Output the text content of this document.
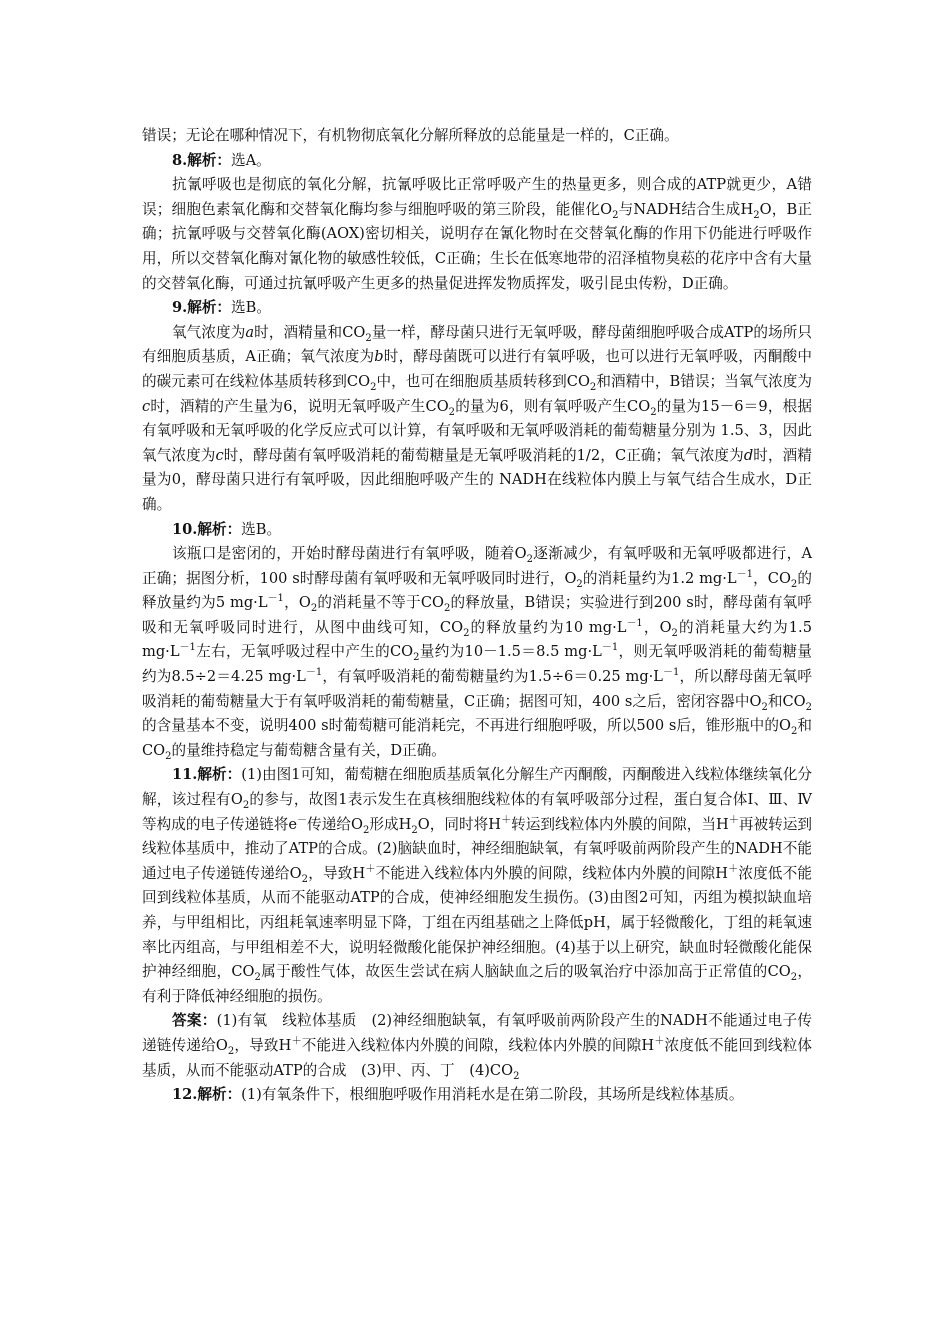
错误；无论在哪种情况下，有机物彻底氧化分解所释放的总能量是一样的，C正确。

8.解析：选A。

抗氰呼吸也是彻底的氧化分解，抗氰呼吸比正常呼吸产生的热量更多，则合成的ATP就更少，A错误；细胞色素氧化酶和交替氧化酶均参与细胞呼吸的第三阶段，能催化$O_2$与NADH结合生成$H_2O$，B正确；抗氰呼吸与交替氧化酶(AOX)密切相关，说明存在氰化物时在交替氧化酶的作用下仍能进行呼吸作用，所以交替氧化酶对氰化物的敏感性较低，C正确；生长在低寒地带的沼泽植物臭菘的花序中含有大量的交替氧化酶，可通过抗氰呼吸产生更多的热量促进挥发物质挥发，吸引昆虫传粉，D正确。

9.解析：选B。

氧气浓度为a时，酒精量和$CO_2$量一样，酵母菌只进行无氧呼吸，酵母菌细胞呼吸合成ATP的场所只有细胞质基质，A正确；氧气浓度为b时，酵母菌既可以进行有氧呼吸，也可以进行无氧呼吸，丙酮酸中的碳元素可在线粒体基质转移到$CO_2$中，也可在细胞质基质转移到$CO_2$和酒精中，B错误；当氧气浓度为c时，酒精的产生量为6，说明无氧呼吸产生$CO_2$的量为6，则有氧呼吸产生$CO_2$的量为15－6＝9，根据有氧呼吸和无氧呼吸的化学反应式可以计算，有氧呼吸和无氧呼吸消耗的葡萄糖量分别为 1.5、3，因此氧气浓度为c时，酵母菌有氧呼吸消耗的葡萄糖量是无氧呼吸消耗的1/2，C正确；氧气浓度为d时，酒精量为0，酵母菌只进行有氧呼吸，因此细胞呼吸产生的 NADH在线粒体内膜上与氧气结合生成水，D正确。

10.解析：选B。

该瓶口是密闭的，开始时酵母菌进行有氧呼吸，随着$O_2$逐渐减少，有氧呼吸和无氧呼吸都进行，A正确；据图分析，100 s时酵母菌有氧呼吸和无氧呼吸同时进行，$O_2$的消耗量约为1.2 $mg\cdot L^{-1}$，$CO_2$的释放量约为5 $mg\cdot L^{-1}$，$O_2$的消耗量不等于$CO_2$的释放量，B错误；实验进行到200 s时，酵母菌有氧呼吸和无氧呼吸同时进行，从图中曲线可知，$CO_2$的释放量约为10 $mg\cdot L^{-1}$，$O_2$的消耗量大约为1.5 $mg\cdot L^{-1}$左右，无氧呼吸过程中产生的$CO_2$量约为10－1.5＝8.5 $mg\cdot L^{-1}$，则无氧呼吸消耗的葡萄糖量约为8.5÷2＝4.25 $mg\cdot L^{-1}$，有氧呼吸消耗的葡萄糖量约为1.5÷6＝0.25 $mg\cdot L^{-1}$，所以酵母菌无氧呼吸消耗的葡萄糖量大于有氧呼吸消耗的葡萄糖量，C正确；据图可知，400 s之后，密闭容器中$O_2$和$CO_2$的含量基本不变，说明400 s时葡萄糖可能消耗完，不再进行细胞呼吸，所以500 s后，锥形瓶中的$O_2$和$CO_2$的量维持稳定与葡萄糖含量有关，D正确。

11.解析：(1)由图1可知，葡萄糖在细胞质基质氧化分解生产丙酮酸，丙酮酸进入线粒体继续氧化分解，该过程有$O_2$的参与，故图1表示发生在真核细胞线粒体的有氧呼吸部分过程，蛋白复合体Ⅰ、Ⅲ、Ⅳ等构成的电子传递链将e－传递给$O_2$形成$H_2O$，同时将H＋转运到线粒体内外膜的间隙，当H＋再被转运到线粒体基质中，推动了ATP的合成。(2)脑缺血时，神经细胞缺氧，有氧呼吸前两阶段产生的NADH不能通过电子传递链传递给$O_2$，导致H＋不能进入线粒体内外膜的间隙，线粒体内外膜的间隙H＋浓度低不能回到线粒体基质，从而不能驱动ATP的合成，使神经细胞发生损伤。(3)由图2可知，丙组为模拟缺血培养，与甲组相比，丙组耗氧速率明显下降，丁组在丙组基础之上降低pH，属于轻微酸化，丁组的耗氧速率比丙组高，与甲组相差不大，说明轻微酸化能保护神经细胞。(4)基于以上研究，缺血时轻微酸化能保护神经细胞，$CO_2$属于酸性气体，故医生尝试在病人脑缺血之后的吸氧治疗中添加高于正常值的$CO_2$，有利于降低神经细胞的损伤。

答案：(1)有氧　线粒体基质　(2)神经细胞缺氧，有氧呼吸前两阶段产生的NADH不能通过电子传递链传递给$O_2$，导致H＋不能进入线粒体内外膜的间隙，线粒体内外膜的间隙H＋浓度低不能回到线粒体基质，从而不能驱动ATP的合成　(3)甲、丙、丁　$(4)CO_2$

12.解析：(1)有氧条件下，根细胞呼吸作用消耗水是在第二阶段，其场所是线粒体基质。
